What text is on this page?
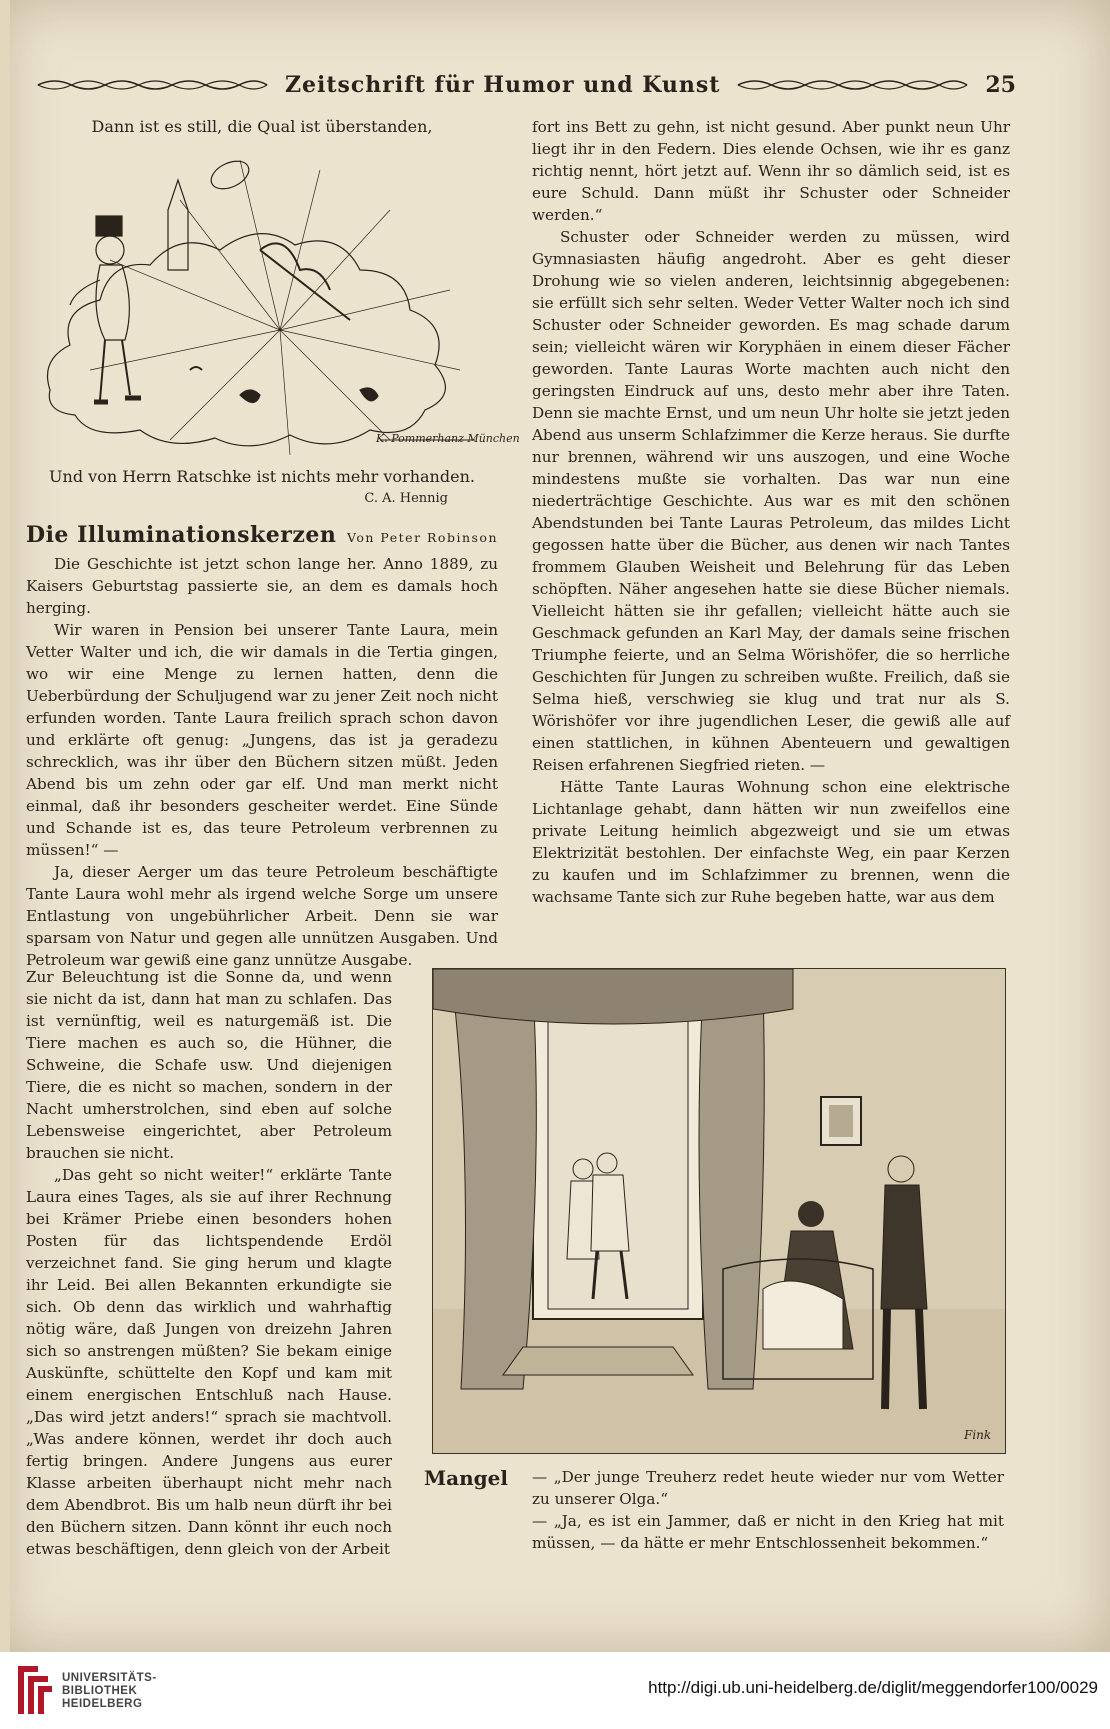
Zeitschrift für Humor und Kunst	25
Dann ist es still, die Qual ist überstanden,
K. Pommerhanz München
Und von Herrn Ratschke ist nichts mehr vorhanden.
C. A. Hennig
Die Illuminationskerzen Von Peter Robinson

Die Geschichte ist jetzt schon lange her. Anno 1889, zu Kaisers Geburtstag passierte sie, an dem es damals hoch herging.

Wir waren in Pension bei unserer Tante Laura, mein Vetter Walter und ich, die wir damals in die Tertia gingen, wo wir eine Menge zu lernen hatten, denn die Ueberbürdung der Schuljugend war zu jener Zeit noch nicht erfunden worden. Tante Laura freilich sprach schon davon und erklärte oft genug: „Jungens, das ist ja geradezu schrecklich, was ihr über den Büchern sitzen müßt. Jeden Abend bis um zehn oder gar elf. Und man merkt nicht einmal, daß ihr besonders gescheiter werdet. Eine Sünde und Schande ist es, das teure Petroleum verbrennen zu müssen!“ —

Ja, dieser Aerger um das teure Petroleum beschäftigte Tante Laura wohl mehr als irgend welche Sorge um unsere Entlastung von ungebührlicher Arbeit. Denn sie war sparsam von Natur und gegen alle unnützen Ausgaben. Und Petroleum war gewiß eine ganz unnütze Ausgabe.

Zur Beleuchtung ist die Sonne da, und wenn sie nicht da ist, dann hat man zu schlafen. Das ist vernünftig, weil es naturgemäß ist. Die Tiere machen es auch so, die Hühner, die Schweine, die Schafe usw. Und diejenigen Tiere, die es nicht so machen, sondern in der Nacht umherstrolchen, sind eben auf solche Lebensweise eingerichtet, aber Petroleum brauchen sie nicht.

„Das geht so nicht weiter!“ erklärte Tante Laura eines Tages, als sie auf ihrer Rechnung bei Krämer Priebe einen besonders hohen Posten für das lichtspendende Erdöl verzeichnet fand. Sie ging herum und klagte ihr Leid. Bei allen Bekannten erkundigte sie sich. Ob denn das wirklich und wahrhaftig nötig wäre, daß Jungen von dreizehn Jahren sich so anstrengen müßten? Sie bekam einige Auskünfte, schüttelte den Kopf und kam mit einem energischen Entschluß nach Hause. „Das wird jetzt anders!“ sprach sie machtvoll. „Was andere können, werdet ihr doch auch fertig bringen. Andere Jungens aus eurer Klasse arbeiten überhaupt nicht mehr nach dem Abendbrot. Bis um halb neun dürft ihr bei den Büchern sitzen. Dann könnt ihr euch noch etwas beschäftigen, denn gleich von der Arbeit

fort ins Bett zu gehn, ist nicht gesund. Aber punkt neun Uhr liegt ihr in den Federn. Dies elende Ochsen, wie ihr es ganz richtig nennt, hört jetzt auf. Wenn ihr so dämlich seid, ist es eure Schuld. Dann müßt ihr Schuster oder Schneider werden.“

Schuster oder Schneider werden zu müssen, wird Gymnasiasten häufig angedroht. Aber es geht dieser Drohung wie so vielen anderen, leichtsinnig abgegebenen: sie erfüllt sich sehr selten. Weder Vetter Walter noch ich sind Schuster oder Schneider geworden. Es mag schade darum sein; vielleicht wären wir Koryphäen in einem dieser Fächer geworden. Tante Lauras Worte machten auch nicht den geringsten Eindruck auf uns, desto mehr aber ihre Taten. Denn sie machte Ernst, und um neun Uhr holte sie jetzt jeden Abend aus unserm Schlafzimmer die Kerze heraus. Sie durfte nur brennen, während wir uns auszogen, und eine Woche mindestens mußte sie vorhalten. Das war nun eine niederträchtige Geschichte. Aus war es mit den schönen Abendstunden bei Tante Lauras Petroleum, das mildes Licht gegossen hatte über die Bücher, aus denen wir nach Tantes frommem Glauben Weisheit und Belehrung für das Leben schöpften. Näher angesehen hatte sie diese Bücher niemals. Vielleicht hätten sie ihr gefallen; vielleicht hätte auch sie Geschmack gefunden an Karl May, der damals seine frischen Triumphe feierte, und an Selma Wörishöfer, die so herrliche Geschichten für Jungen zu schreiben wußte. Freilich, daß sie Selma hieß, verschwieg sie klug und trat nur als S. Wörishöfer vor ihre jugendlichen Leser, die gewiß alle auf einen stattlichen, in kühnen Abenteuern und gewaltigen Reisen erfahrenen Siegfried rieten. —

Hätte Tante Lauras Wohnung schon eine elektrische Lichtanlage gehabt, dann hätten wir nun zweifellos eine private Leitung heimlich abgezweigt und sie um etwas Elektrizität bestohlen. Der einfachste Weg, ein paar Kerzen zu kaufen und im Schlafzimmer zu brennen, wenn die wachsame Tante sich zur Ruhe begeben hatte, war aus dem

Fink
Mangel — „Der junge Treuherz redet heute wieder nur vom Wetter zu unserer Olga.“

— „Ja, es ist ein Jammer, daß er nicht in den Krieg hat mit müssen, — da hätte er mehr Entschlossenheit bekommen.“

UNIVERSITÄTS-
BIBLIOTHEK
HEIDELBERG
http://digi.ub.uni-heidelberg.de/diglit/meggendorfer100/0029
